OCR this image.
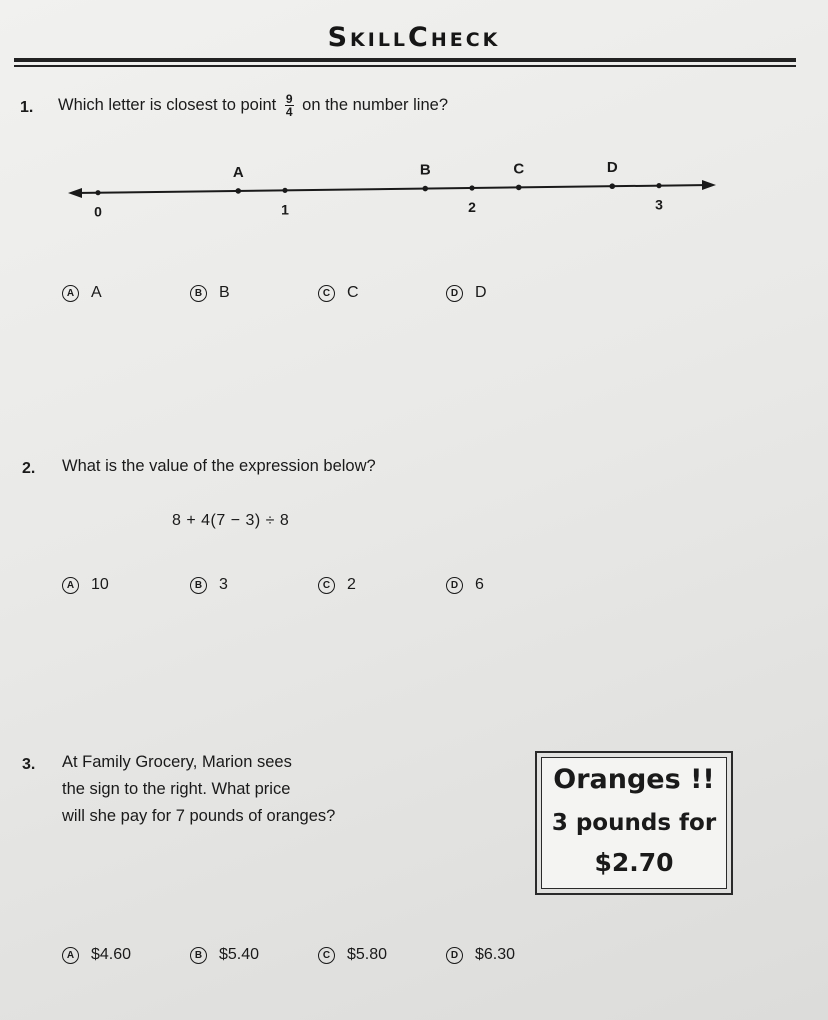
SkillCheck
1. Which letter is closest to point $\frac{9}{4}$ on the number line?
0	1	2	3
A	B	C	D
A	A	B	B	C	C	D	D
2. What is the value of the expression below?
8 + 4(7 − 3) ÷ 8
A	10	B	3	C	2	D	6
3. At Family Grocery, Marion sees
the sign to the right. What price
will she pay for 7 pounds of oranges?
Oranges !!
3 pounds for
$2.70
A	$4.60	B	$5.40	C	$5.80	D	$6.30
